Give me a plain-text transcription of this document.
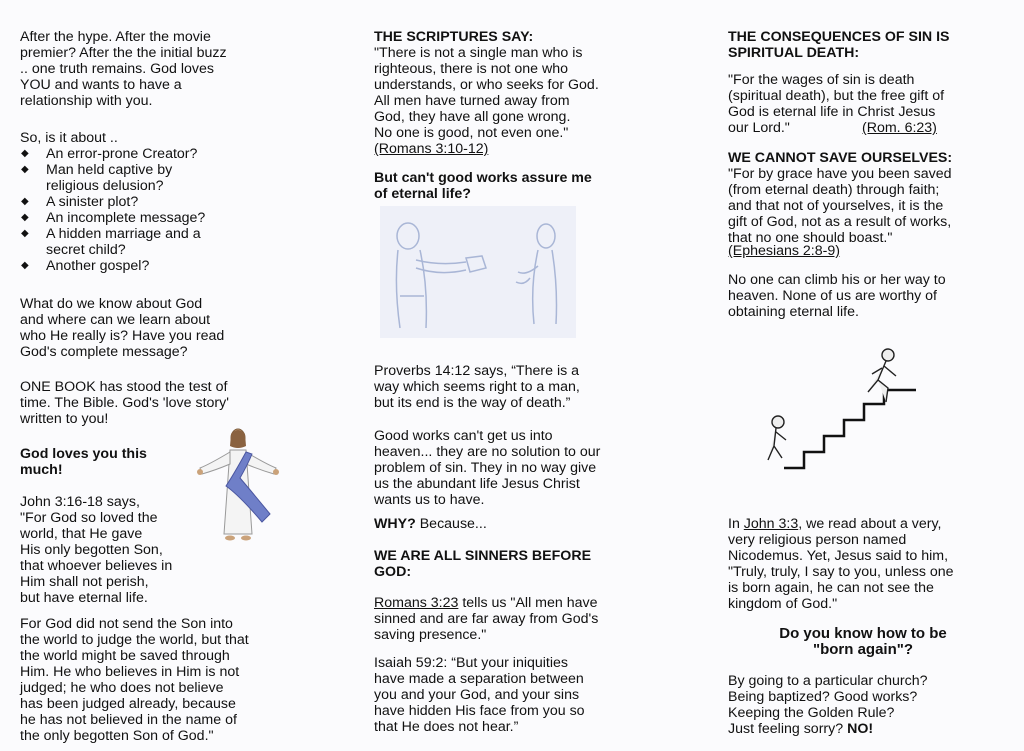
After the hype. After the movie
premier? After the the initial buzz
.. one truth remains. God loves
YOU and wants to have a
relationship with you.

So, is it about ..

◆ An error-prone Creator?
◆ Man held captive by
religious delusion?
◆ A sinister plot?
◆ An incomplete message?
◆ A hidden marriage and a
secret child?
◆ Another gospel?

What do we know about God
and where can we learn about
who He really is? Have you read
God's complete message?

ONE BOOK has stood the test of
time. The Bible. God's 'love story'
written to you!

God loves you this
much!

John 3:16-18 says,
"For God so loved the
world, that He gave
His only begotten Son,
that whoever believes in
Him shall not perish,
but have eternal life.

For God did not send the Son into
the world to judge the world, but that
the world might be saved through
Him. He who believes in Him is not
judged; he who does not believe
has been judged already, because
he has not believed in the name of
the only begotten Son of God."

THE SCRIPTURES SAY:

"There is not a single man who is
righteous, there is not one who
understands, or who seeks for God.
All men have turned away from
God, they have all gone wrong.
No one is good, not even one."

(Romans 3:10-12)

But can't good works assure me
of eternal life?

Proverbs 14:12 says, “There is a
way which seems right to a man,
but its end is the way of death.”

Good works can't get us into
heaven... they are no solution to our
problem of sin. They in no way give
us the abundant life Jesus Christ
wants us to have.

WHY? Because...

WE ARE ALL SINNERS BEFORE
GOD:

Romans 3:23 tells us "All men have

sinned and are far away from God's
saving presence."

Isaiah 59:2: “But your iniquities
have made a separation between
you and your God, and your sins
have hidden His face from you so
that He does not hear.”

THE CONSEQUENCES OF SIN IS
SPIRITUAL DEATH:

"For the wages of sin is death
(spiritual death), but the free gift of
God is eternal life in Christ Jesus
our Lord."	(Rom. 6:23)

WE CANNOT SAVE OURSELVES:

"For by grace have you been saved
(from eternal death) through faith;
and that not of yourselves, it is the
gift of God, not as a result of works,
that no one should boast."

(Ephesians 2:8-9)

No one can climb his or her way to
heaven. None of us are worthy of
obtaining eternal life.

In John 3:3, we read about a very,

very religious person named
Nicodemus. Yet, Jesus said to him,
"Truly, truly, I say to you, unless one
is born again, he can not see the
kingdom of God."

Do you know how to be
"born again"?

By going to a particular church?
Being baptized? Good works?
Keeping the Golden Rule?
Just feeling sorry? NO!
